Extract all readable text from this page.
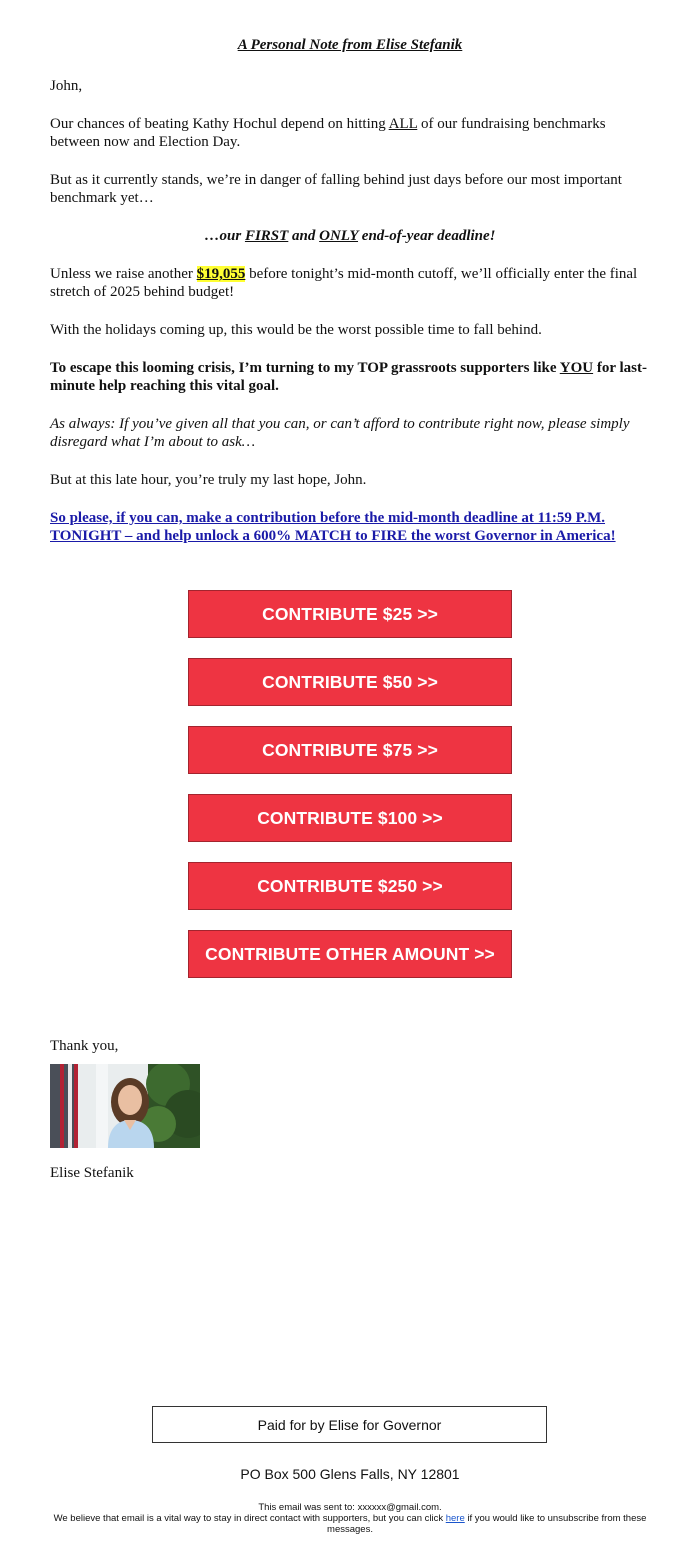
A Personal Note from Elise Stefanik
John,
Our chances of beating Kathy Hochul depend on hitting ALL of our fundraising benchmarks between now and Election Day.
But as it currently stands, we’re in danger of falling behind just days before our most important benchmark yet…
…our FIRST and ONLY end-of-year deadline!
Unless we raise another $19,055 before tonight’s mid-month cutoff, we’ll officially enter the final stretch of 2025 behind budget!
With the holidays coming up, this would be the worst possible time to fall behind.
To escape this looming crisis, I’m turning to my TOP grassroots supporters like YOU for last-minute help reaching this vital goal.
As always: If you’ve given all that you can, or can’t afford to contribute right now, please simply disregard what I’m about to ask…
But at this late hour, you’re truly my last hope, John.
So please, if you can, make a contribution before the mid-month deadline at 11:59 P.M. TONIGHT – and help unlock a 600% MATCH to FIRE the worst Governor in America!
CONTRIBUTE $25 >>
CONTRIBUTE $50 >>
CONTRIBUTE $75 >>
CONTRIBUTE $100 >>
CONTRIBUTE $250 >>
CONTRIBUTE OTHER AMOUNT >>
Thank you,
Elise Stefanik
Paid for by Elise for Governor
PO Box 500 Glens Falls, NY 12801
This email was sent to: xxxxxx@gmail.com.
We believe that email is a vital way to stay in direct contact with supporters, but you can click here if you would like to unsubscribe from these messages.
